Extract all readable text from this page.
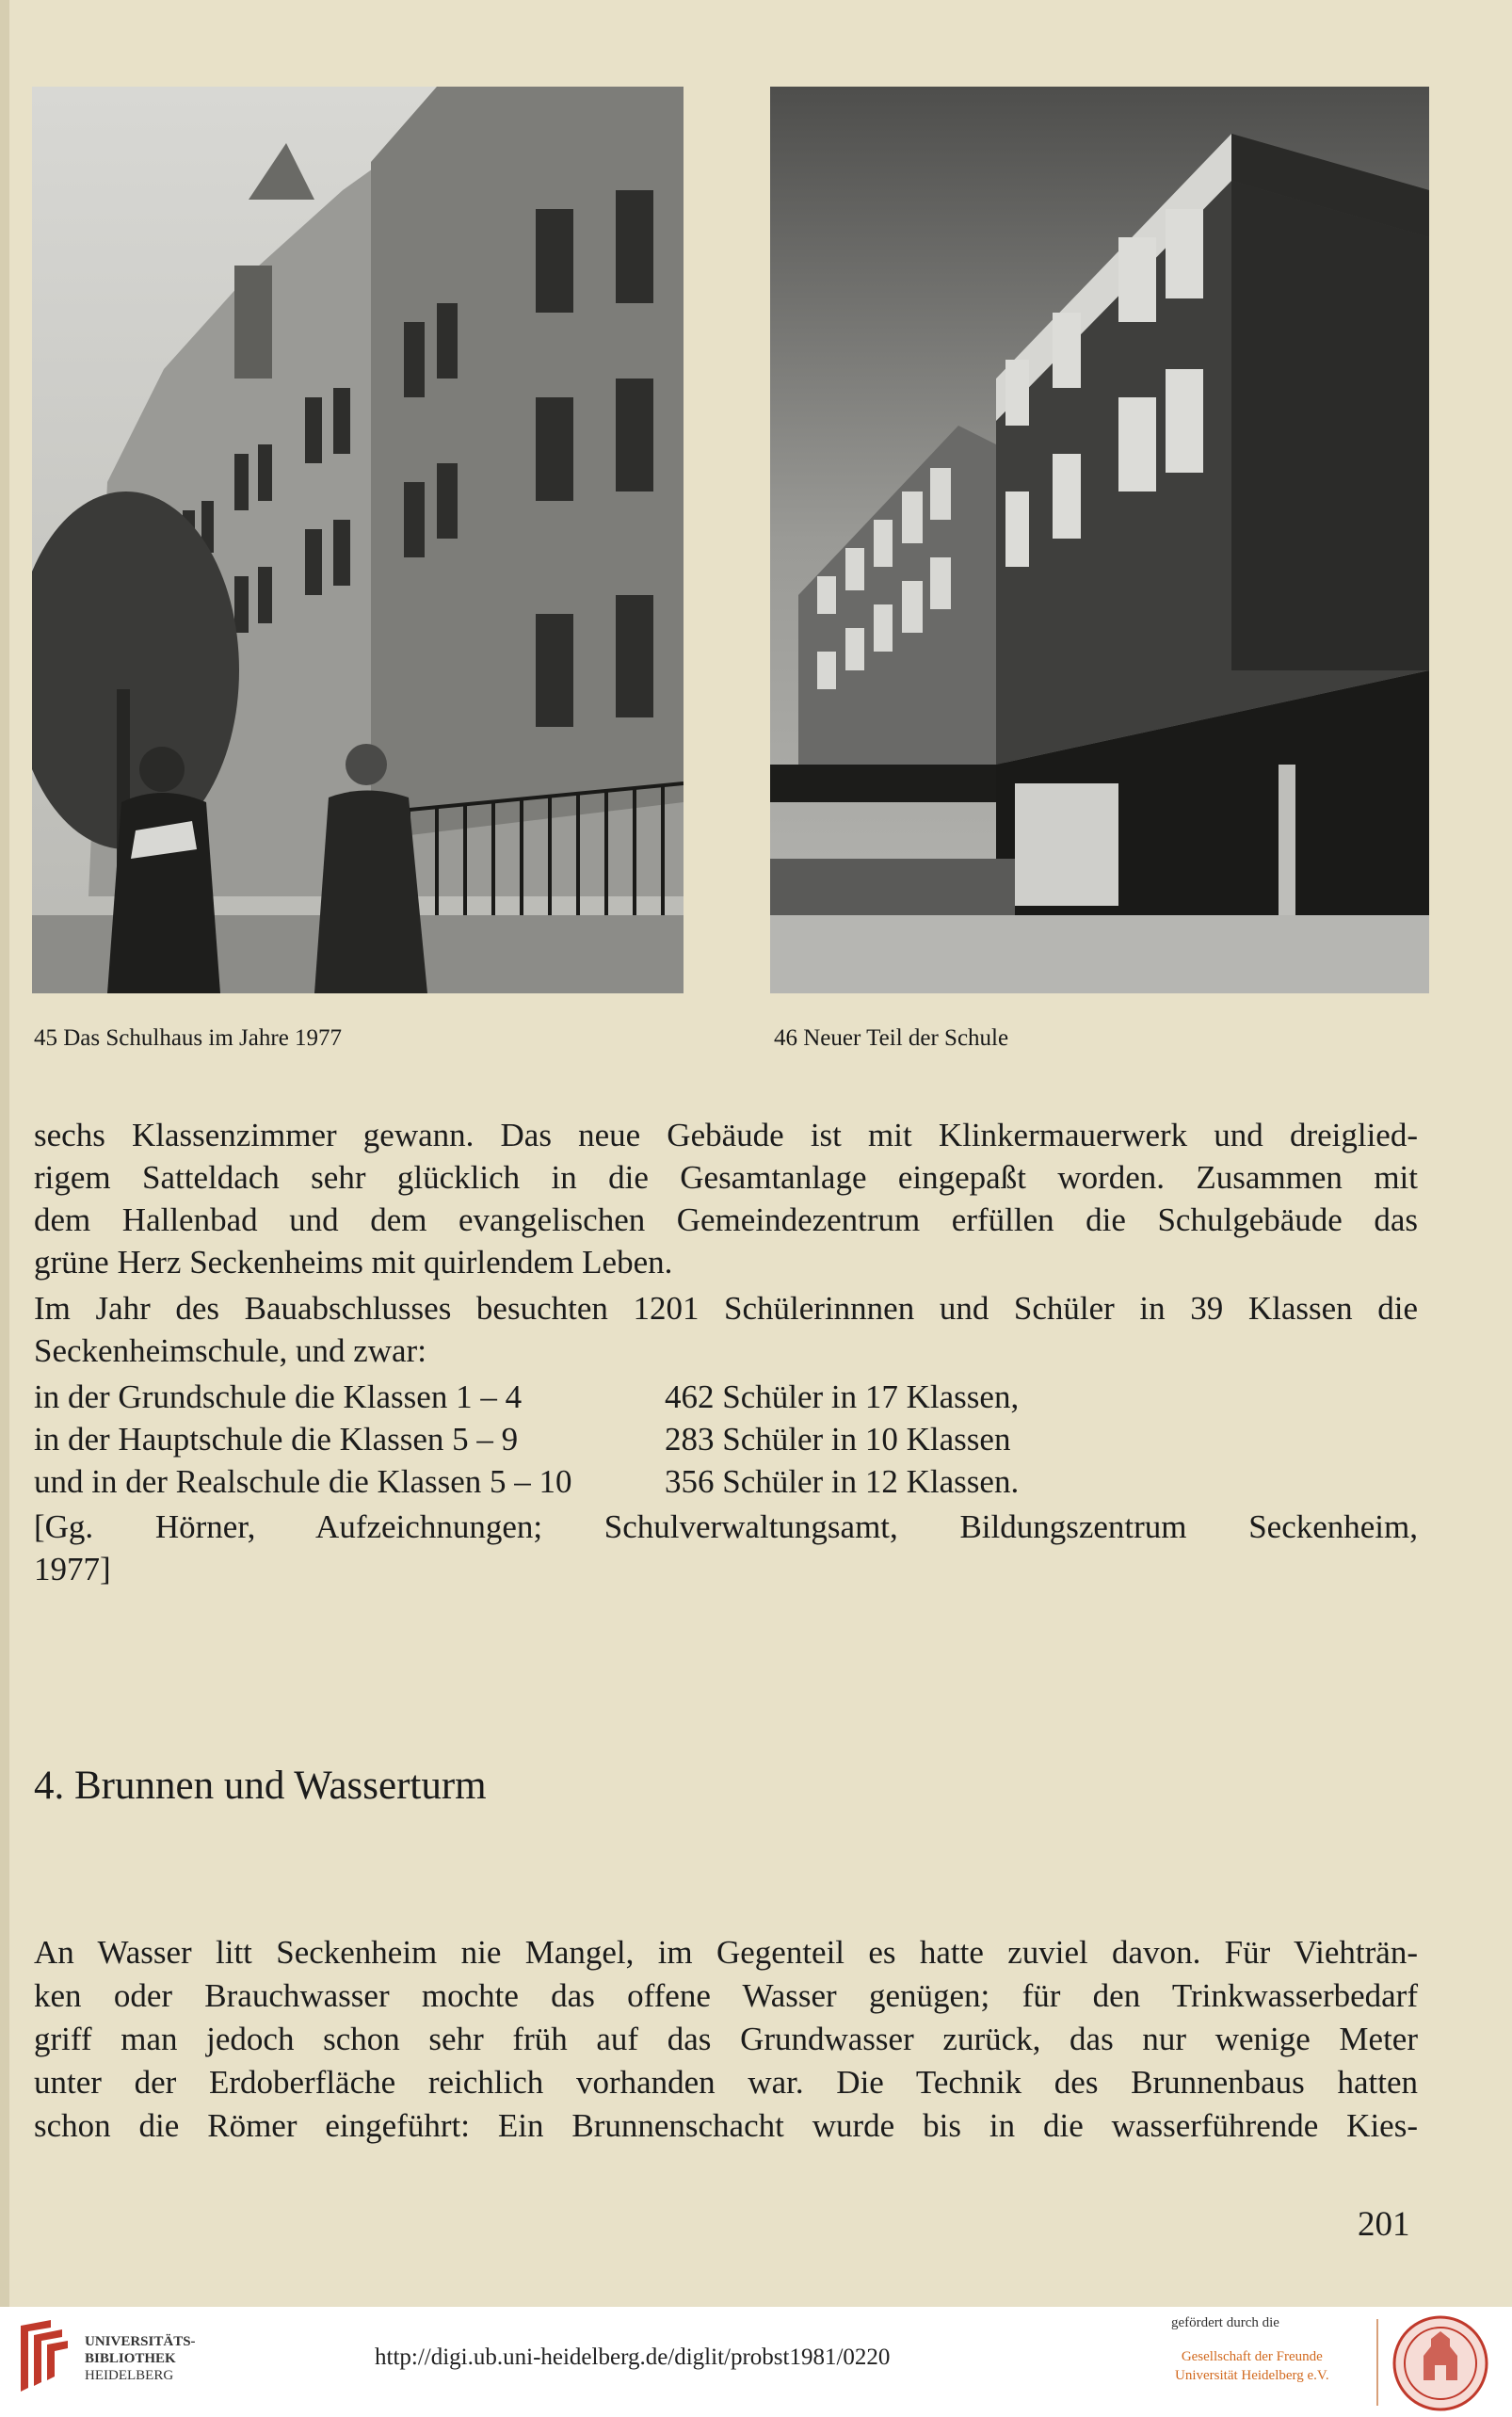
45 Das Schulhaus im Jahre 1977	46 Neuer Teil der Schule
sechs Klassenzimmer gewann. Das neue Gebäude ist mit Klinkermauerwerk und dreiglied-
rigem Satteldach sehr glücklich in die Gesamtanlage eingepaßt worden. Zusammen mit
dem Hallenbad und dem evangelischen Gemeindezentrum erfüllen die Schulgebäude das
grüne Herz Seckenheims mit quirlendem Leben.
Im Jahr des Bauabschlusses besuchten 1201 Schülerinnnen und Schüler in 39 Klassen die
Seckenheimschule, und zwar:
in der Grundschule die Klassen 1 – 4	462 Schüler in 17 Klassen,
in der Hauptschule die Klassen 5 – 9	283 Schüler in 10 Klassen
und in der Realschule die Klassen 5 – 10	356 Schüler in 12 Klassen.
[Gg. Hörner, Aufzeichnungen; Schulverwaltungsamt, Bildungszentrum Seckenheim,
1977]
4. Brunnen und Wasserturm
An Wasser litt Seckenheim nie Mangel, im Gegenteil es hatte zuviel davon. Für Viehträn-
ken oder Brauchwasser mochte das offene Wasser genügen; für den Trinkwasserbedarf
griff man jedoch schon sehr früh auf das Grundwasser zurück, das nur wenige Meter
unter der Erdoberfläche reichlich vorhanden war. Die Technik des Brunnenbaus hatten
schon die Römer eingeführt: Ein Brunnenschacht wurde bis in die wasserführende Kies-
201
UNIVERSITÄTS-
BIBLIOTHEK
HEIDELBERG
http://digi.ub.uni-heidelberg.de/diglit/probst1981/0220
gefördert durch die
Gesellschaft der Freunde
Universität Heidelberg e.V.
